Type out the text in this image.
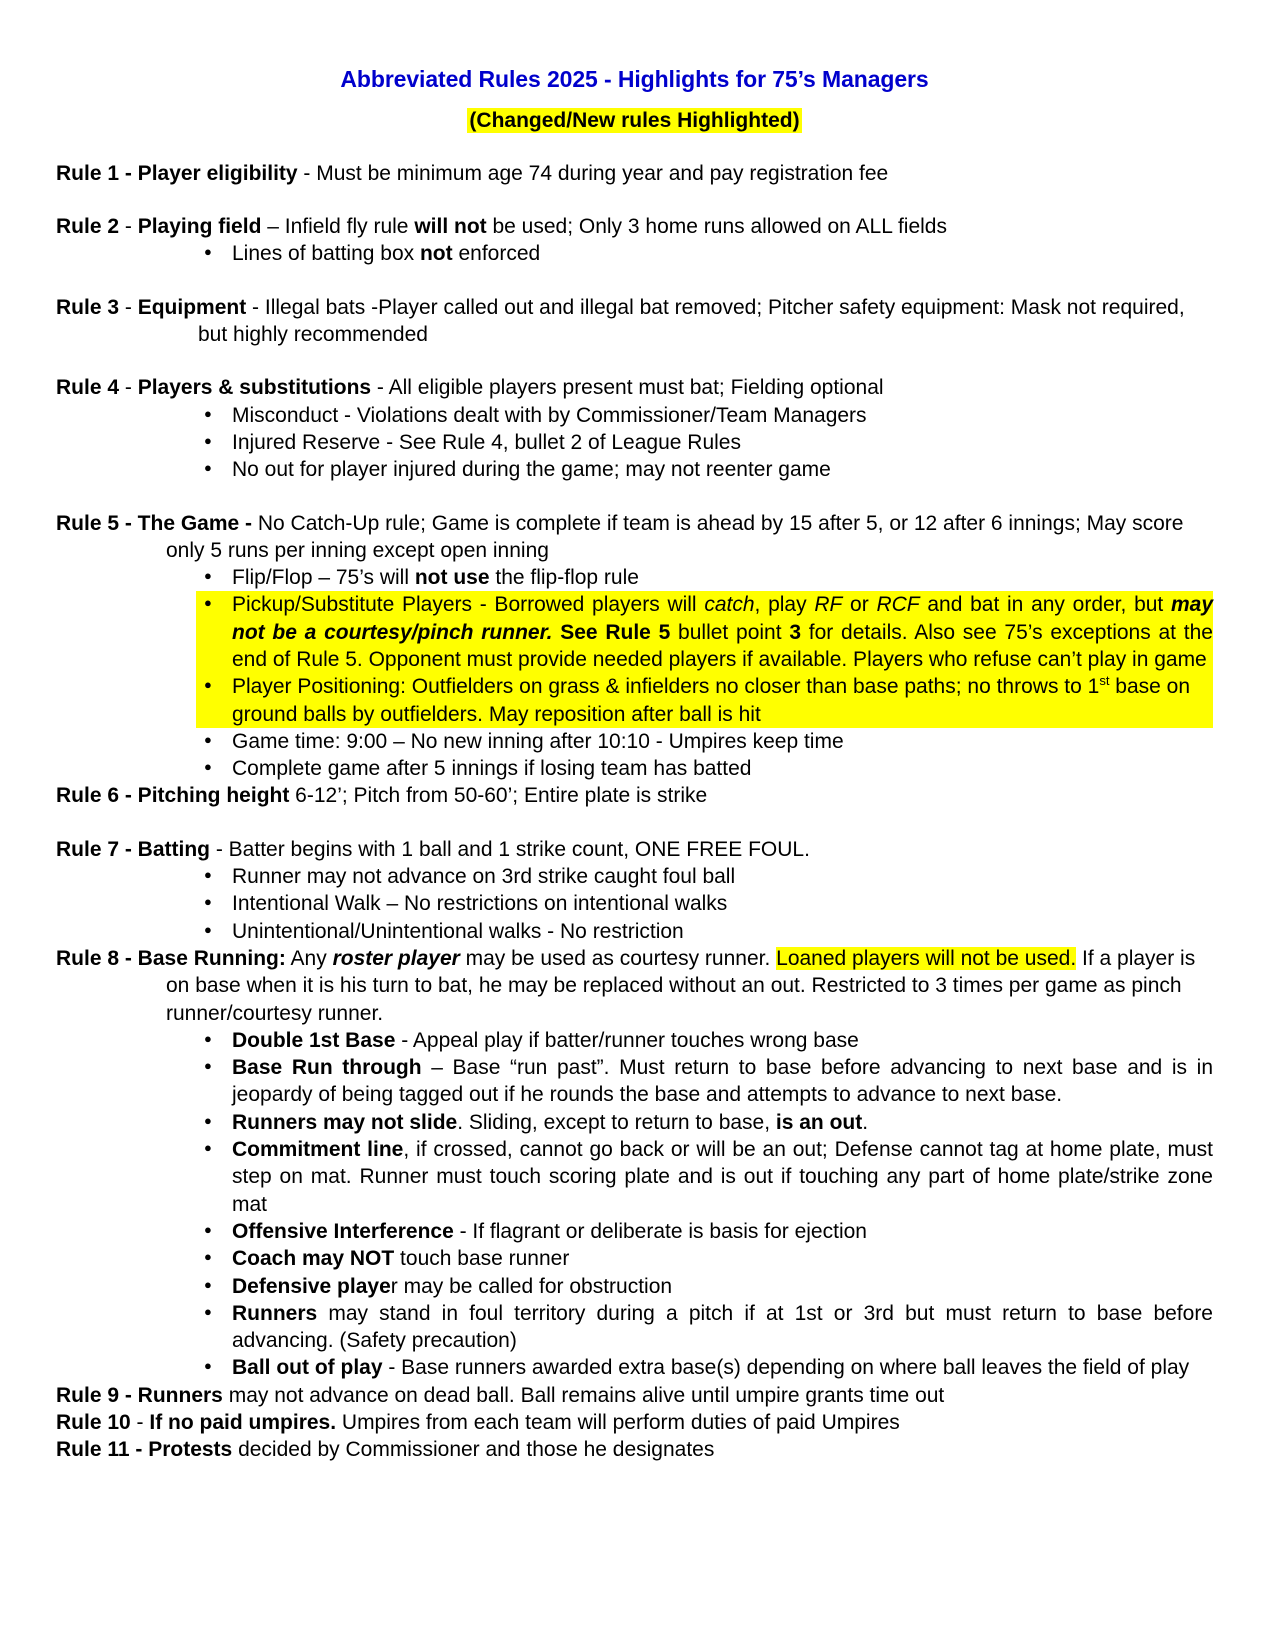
Abbreviated Rules 2025 - Highlights for 75’s Managers
(Changed/New rules Highlighted)
Rule 1 - Player eligibility - Must be minimum age 74 during year and pay registration fee
Rule 2 - Playing field – Infield fly rule will not be used; Only 3 home runs allowed on ALL fields
● Lines of batting box not enforced
Rule 3 - Equipment - Illegal bats -Player called out and illegal bat removed; Pitcher safety equipment: Mask not required, but highly recommended
Rule 4 - Players & substitutions - All eligible players present must bat; Fielding optional
● Misconduct - Violations dealt with by Commissioner/Team Managers
● Injured Reserve - See Rule 4, bullet 2 of League Rules
● No out for player injured during the game; may not reenter game
Rule 5 - The Game - No Catch-Up rule; Game is complete if team is ahead by 15 after 5, or 12 after 6 innings; May score only 5 runs per inning except open inning
● Flip/Flop – 75’s will not use the flip-flop rule
● Pickup/Substitute Players - Borrowed players will catch, play RF or RCF and bat in any order, but may not be a courtesy/pinch runner. See Rule 5 bullet point 3 for details. Also see 75’s exceptions at the end of Rule 5. Opponent must provide needed players if available. Players who refuse can’t play in game
● Player Positioning: Outfielders on grass & infielders no closer than base paths; no throws to 1st base on ground balls by outfielders. May reposition after ball is hit
● Game time: 9:00 – No new inning after 10:10 - Umpires keep time
● Complete game after 5 innings if losing team has batted
Rule 6 - Pitching height 6-12’; Pitch from 50-60’; Entire plate is strike
Rule 7 - Batting - Batter begins with 1 ball and 1 strike count, ONE FREE FOUL.
● Runner may not advance on 3rd strike caught foul ball
● Intentional Walk – No restrictions on intentional walks
● Unintentional/Unintentional walks - No restriction
Rule 8 - Base Running: Any roster player may be used as courtesy runner. Loaned players will not be used. If a player is on base when it is his turn to bat, he may be replaced without an out. Restricted to 3 times per game as pinch runner/courtesy runner.
● Double 1st Base - Appeal play if batter/runner touches wrong base
● Base Run through – Base “run past”. Must return to base before advancing to next base and is in jeopardy of being tagged out if he rounds the base and attempts to advance to next base.
● Runners may not slide. Sliding, except to return to base, is an out.
● Commitment line, if crossed, cannot go back or will be an out; Defense cannot tag at home plate, must step on mat. Runner must touch scoring plate and is out if touching any part of home plate/strike zone mat
● Offensive Interference - If flagrant or deliberate is basis for ejection
● Coach may NOT touch base runner
● Defensive player may be called for obstruction
● Runners may stand in foul territory during a pitch if at 1st or 3rd but must return to base before advancing. (Safety precaution)
● Ball out of play - Base runners awarded extra base(s) depending on where ball leaves the field of play
Rule 9 - Runners may not advance on dead ball. Ball remains alive until umpire grants time out
Rule 10 - If no paid umpires. Umpires from each team will perform duties of paid Umpires
Rule 11 - Protests decided by Commissioner and those he designates
